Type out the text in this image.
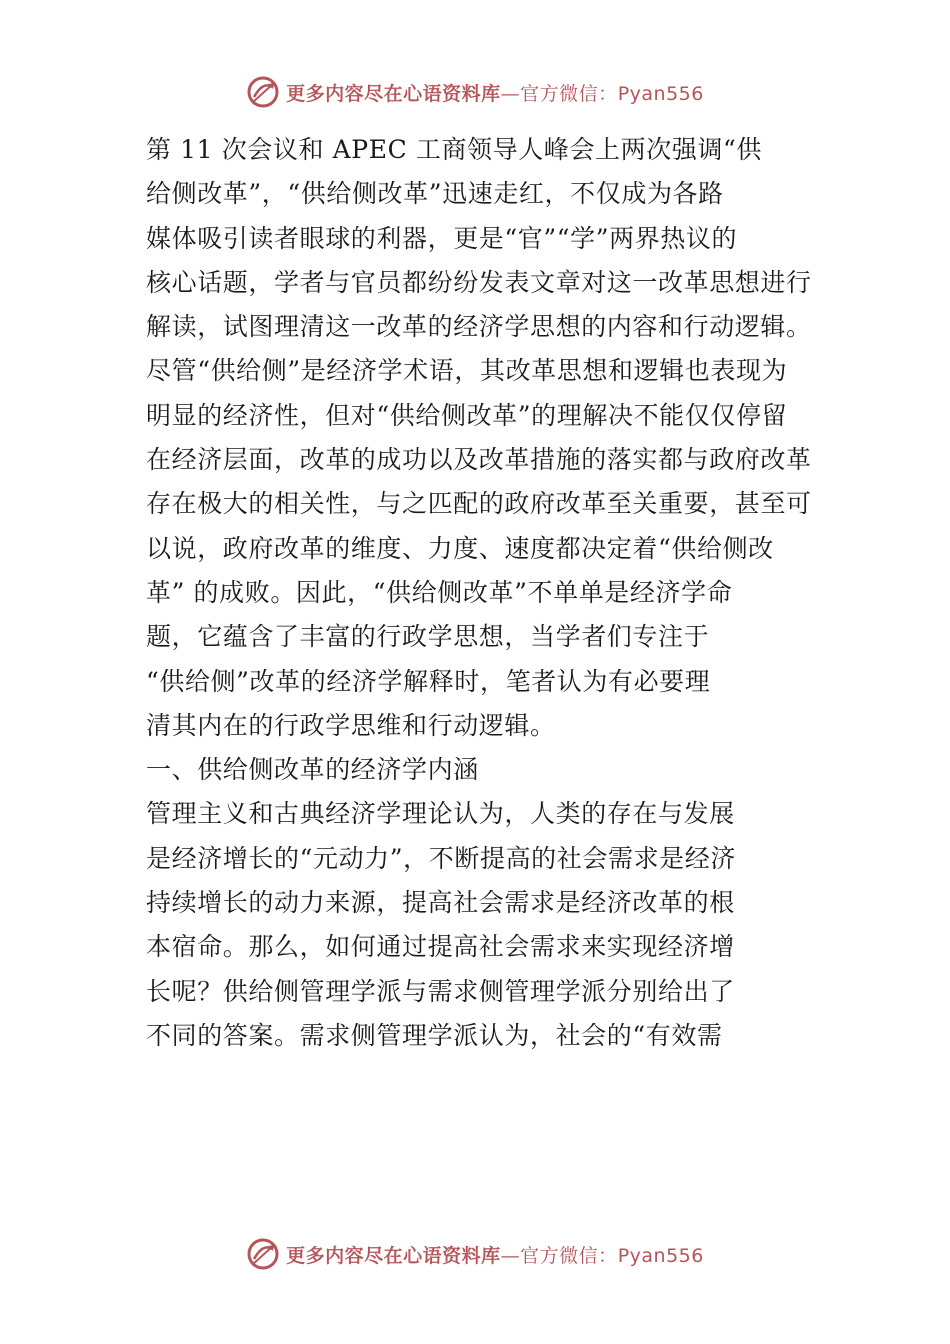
更多内容尽在心语资料库—官方微信：Pyan556
第 11 次会议和 APEC 工商领导人峰会上两次强调“供
给侧改革”，“供给侧改革”迅速走红，不仅成为各路
媒体吸引读者眼球的利器，更是“官”“学”两界热议的
核心话题，学者与官员都纷纷发表文章对这一改革思想进行
解读，试图理清这一改革的经济学思想的内容和行动逻辑。
尽管“供给侧”是经济学术语，其改革思想和逻辑也表现为
明显的经济性，但对“供给侧改革”的理解决不能仅仅停留
在经济层面，改革的成功以及改革措施的落实都与政府改革
存在极大的相关性，与之匹配的政府改革至关重要，甚至可
以说，政府改革的维度、力度、速度都决定着“供给侧改
革” 的成败。因此，“供给侧改革”不单单是经济学命
题，它蕴含了丰富的行政学思想，当学者们专注于
“供给侧”改革的经济学解释时，笔者认为有必要理
清其内在的行政学思维和行动逻辑。
一、供给侧改革的经济学内涵
管理主义和古典经济学理论认为，人类的存在与发展
是经济增长的“元动力”，不断提高的社会需求是经济
持续增长的动力来源，提高社会需求是经济改革的根
本宿命。那么，如何通过提高社会需求来实现经济增
长呢？供给侧管理学派与需求侧管理学派分别给出了
不同的答案。需求侧管理学派认为，社会的“有效需
更多内容尽在心语资料库—官方微信：Pyan556
